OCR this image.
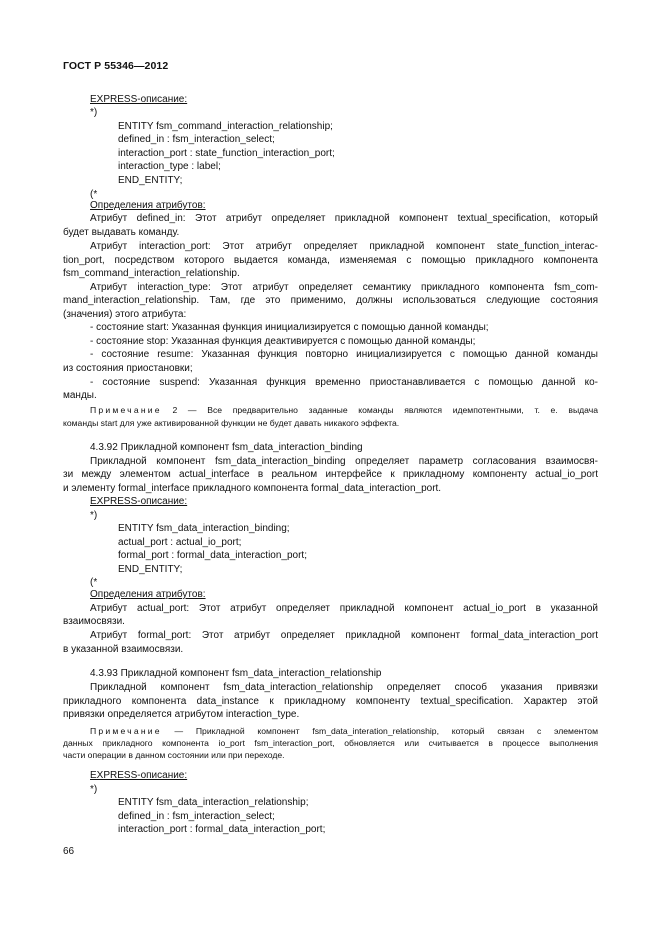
ГОСТ Р 55346—2012
EXPRESS-описание:
*)
ENTITY fsm_command_interaction_relationship;
defined_in : fsm_interaction_select;
interaction_port : state_function_interaction_port;
interaction_type : label;
END_ENTITY;
(*
Определения атрибутов:
Атрибут defined_in: Этот атрибут определяет прикладной компонент textual_specification, который
будет выдавать команду.
Атрибут interaction_port: Этот атрибут определяет прикладной компонент state_function_interac-
tion_port, посредством которого выдается команда, изменяемая с помощью прикладного компонента
fsm_command_interaction_relationship.
Атрибут interaction_type: Этот атрибут определяет семантику прикладного компонента fsm_com-
mand_interaction_relationship. Там, где это применимо, должны использоваться следующие состояния
(значения) этого атрибута:
- состояние start: Указанная функция инициализируется с помощью данной команды;
- состояние stop: Указанная функция деактивируется с помощью данной команды;
- состояние resume: Указанная функция повторно инициализируется с помощью данной команды
из состояния приостановки;
- состояние suspend: Указанная функция временно приостанавливается с помощью данной ко-
манды.
Примечание 2 — Все предварительно заданные команды являются идемпотентными, т. е. выдача
команды start для уже активированной функции не будет давать никакого эффекта.
4.3.92 Прикладной компонент fsm_data_interaction_binding
Прикладной компонент fsm_data_interaction_binding определяет параметр согласования взаимосвя-
зи между элементом actual_interface в реальном интерфейсе к прикладному компоненту actual_io_port
и элементу formal_interface прикладного компонента formal_data_interaction_port.
EXPRESS-описание:
*)
ENTITY fsm_data_interaction_binding;
actual_port : actual_io_port;
formal_port : formal_data_interaction_port;
END_ENTITY;
(*
Определения атрибутов:
Атрибут actual_port: Этот атрибут определяет прикладной компонент actual_io_port в указанной
взаимосвязи.
Атрибут formal_port: Этот атрибут определяет прикладной компонент formal_data_interaction_port
в указанной взаимосвязи.
4.3.93 Прикладной компонент fsm_data_interaction_relationship
Прикладной компонент fsm_data_interaction_relationship определяет способ указания привязки
прикладного компонента data_instance к прикладному компоненту textual_specification. Характер этой
привязки определяется атрибутом interaction_type.
Примечание — Прикладной компонент fsm_data_interation_relationship, который связан с элементом
данных прикладного компонента io_port fsm_interaction_port, обновляется или считывается в процессе выполнения
части операции в данном состоянии или при переходе.
EXPRESS-описание:
*)
ENTITY fsm_data_interaction_relationship;
defined_in : fsm_interaction_select;
interaction_port : formal_data_interaction_port;
66
